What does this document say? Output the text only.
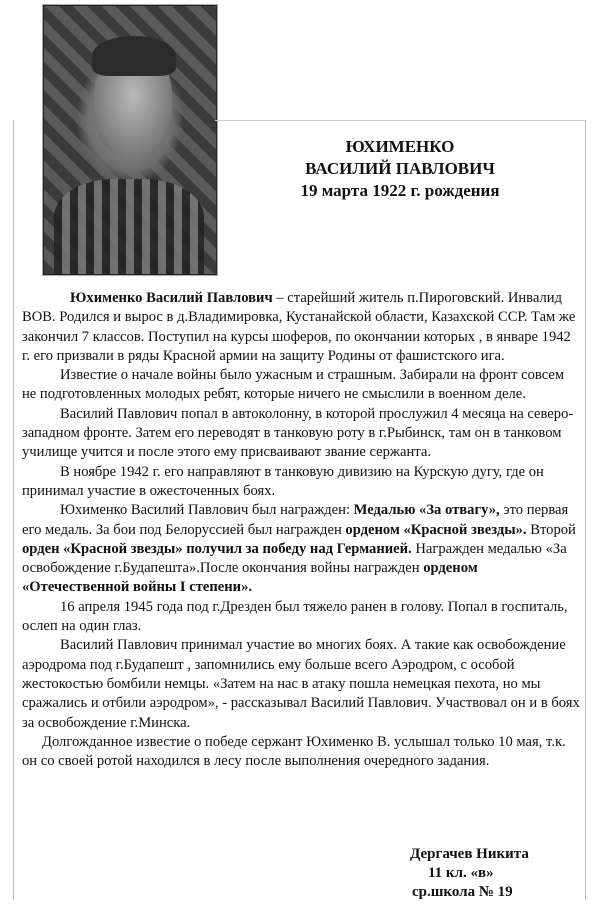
ЮХИМЕНКО
ВАСИЛИЙ ПАВЛОВИЧ
19 марта 1922 г. рождения

Юхименко Василий Павлович – старейший житель п.Пироговский. Инвалид ВОВ. Родился и вырос в д.Владимировка, Кустанайской области, Казахской ССР. Там же закончил 7 классов. Поступил на курсы шоферов, по окончании которых , в январе 1942 г. его призвали в ряды Красной армии на защиту Родины от фашистского ига.

Известие о начале войны было ужасным и страшным. Забирали на фронт совсем не подготовленных молодых ребят, которые ничего не смыслили в военном деле.

Василий Павлович попал в автоколонну, в которой прослужил 4 месяца на северо-западном фронте. Затем его переводят в танковую роту в г.Рыбинск, там он в танковом училище учится и после этого ему присваивают звание сержанта.

В ноябре 1942 г. его направляют в танковую дивизию на Курскую дугу, где он принимал участие в ожесточенных боях.

Юхименко Василий Павлович был награжден: Медалью «За отвагу», это первая его медаль. За бои под Белоруссией был награжден орденом «Красной звезды». Второй орден «Красной звезды» получил за победу над Германией. Награжден медалью «За освобождение г.Будапешта».После окончания войны награжден орденом «Отечественной войны I степени».

16 апреля 1945 года под г.Дрезден был тяжело ранен в голову. Попал в госпиталь, ослеп на один глаз.

Василий Павлович принимал участие во многих боях. А такие как освобождение аэродрома под г.Будапешт , запомнились ему больше всего Аэродром, с особой жестокостью бомбили немцы. «Затем на нас в атаку пошла немецкая пехота, но мы сражались и отбили аэродром», - рассказывал Василий Павлович. Участвовал он и в боях за освобождение г.Минска.

Долгожданное известие о победе сержант Юхименко В. услышал только 10 мая, т.к. он со своей ротой находился в лесу после выполнения очередного задания.

Дергачев Никита
11 кл. «в»
ср.школа № 19
